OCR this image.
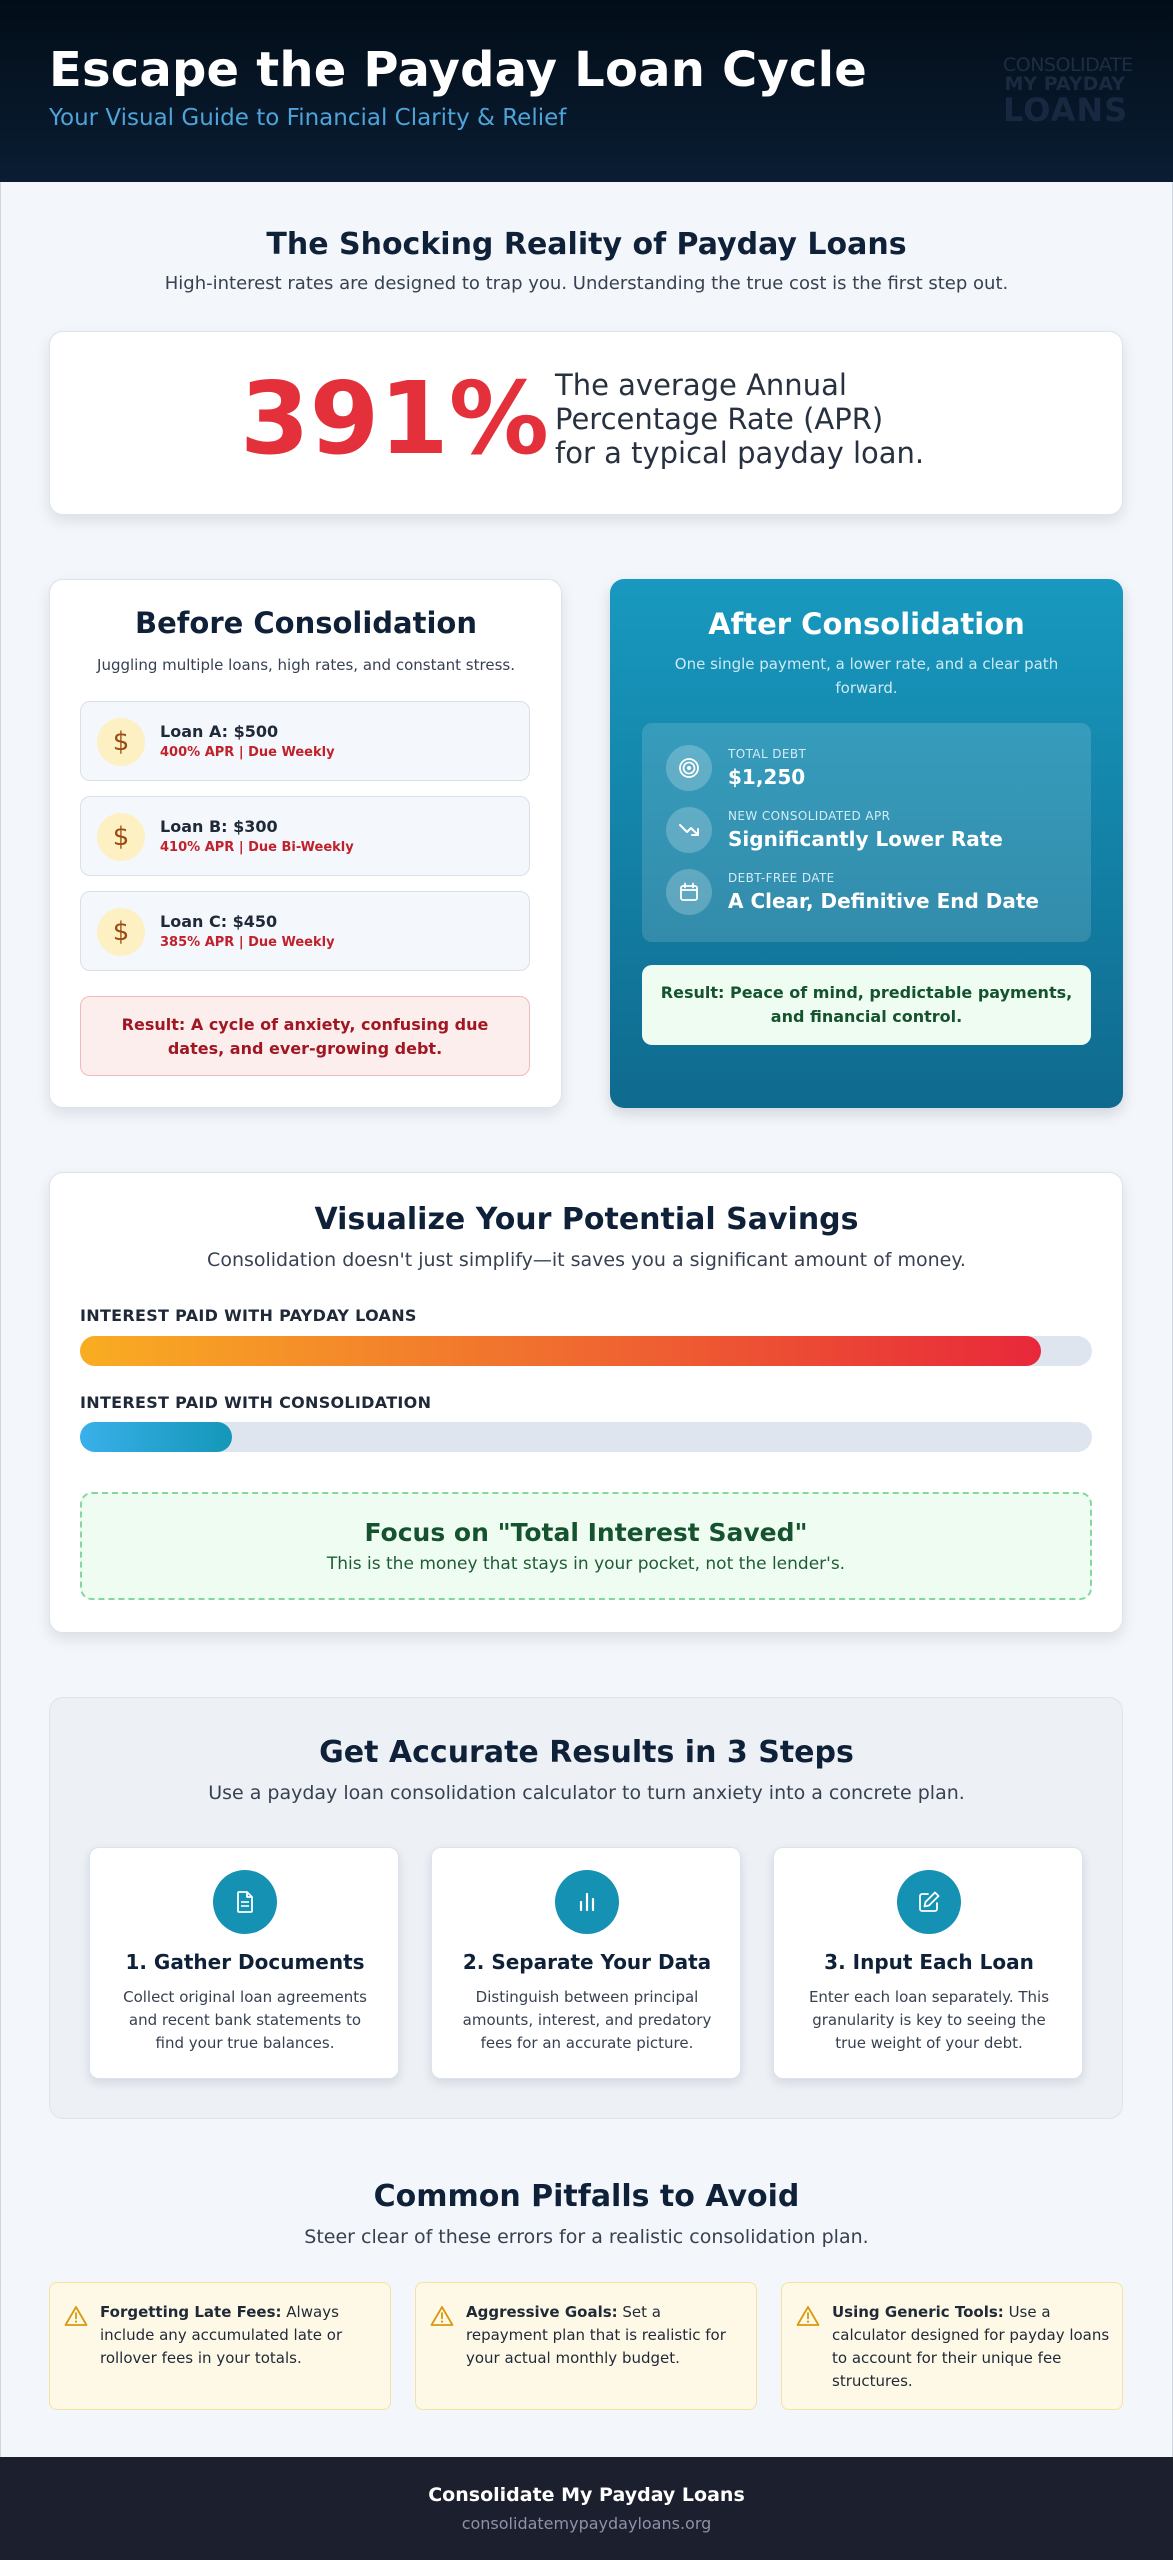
Escape the Payday Loan Cycle
Your Visual Guide to Financial Clarity & Relief
CONSOLIDATE
MY PAYDAY
LOANS
The Shocking Reality of Payday Loans
High-interest rates are designed to trap you. Understanding the true cost is the first step out.
391% The average Annual
Percentage Rate (APR)
for a typical payday loan.
Before Consolidation
Juggling multiple loans, high rates, and constant stress.
$	Loan A: $500
400% APR | Due Weekly
$	Loan B: $300
410% APR | Due Bi-Weekly
$	Loan C: $450
385% APR | Due Weekly
Result: A cycle of anxiety, confusing due
dates, and ever-growing debt.
After Consolidation
One single payment, a lower rate, and a clear path
forward.
TOTAL DEBT
$1,250
NEW CONSOLIDATED APR
Significantly Lower Rate
DEBT-FREE DATE
A Clear, Definitive End Date
Result: Peace of mind, predictable payments,
and financial control.
Visualize Your Potential Savings
Consolidation doesn't just simplify—it saves you a significant amount of money.
INTEREST PAID WITH PAYDAY LOANS
INTEREST PAID WITH CONSOLIDATION
Focus on "Total Interest Saved"
This is the money that stays in your pocket, not the lender's.
Get Accurate Results in 3 Steps
Use a payday loan consolidation calculator to turn anxiety into a concrete plan.
1. Gather Documents
Collect original loan agreements
and recent bank statements to
find your true balances.
2. Separate Your Data
Distinguish between principal
amounts, interest, and predatory
fees for an accurate picture.
3. Input Each Loan
Enter each loan separately. This
granularity is key to seeing the
true weight of your debt.
Common Pitfalls to Avoid
Steer clear of these errors for a realistic consolidation plan.
Forgetting Late Fees: Always include any accumulated late or rollover fees in your totals.
Aggressive Goals: Set a repayment plan that is realistic for your actual monthly budget.
Using Generic Tools: Use a calculator designed for payday loans to account for their unique fee structures.
Consolidate My Payday Loans
consolidatemypaydayloans.org
